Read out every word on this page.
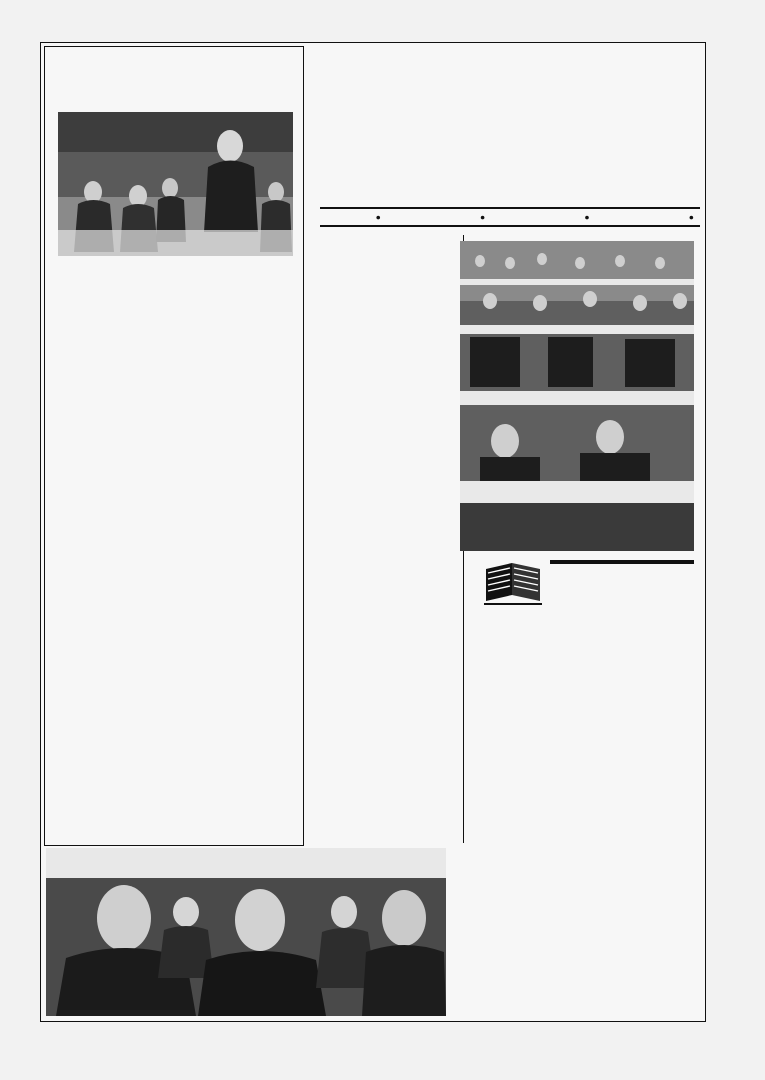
●	●	●	●
